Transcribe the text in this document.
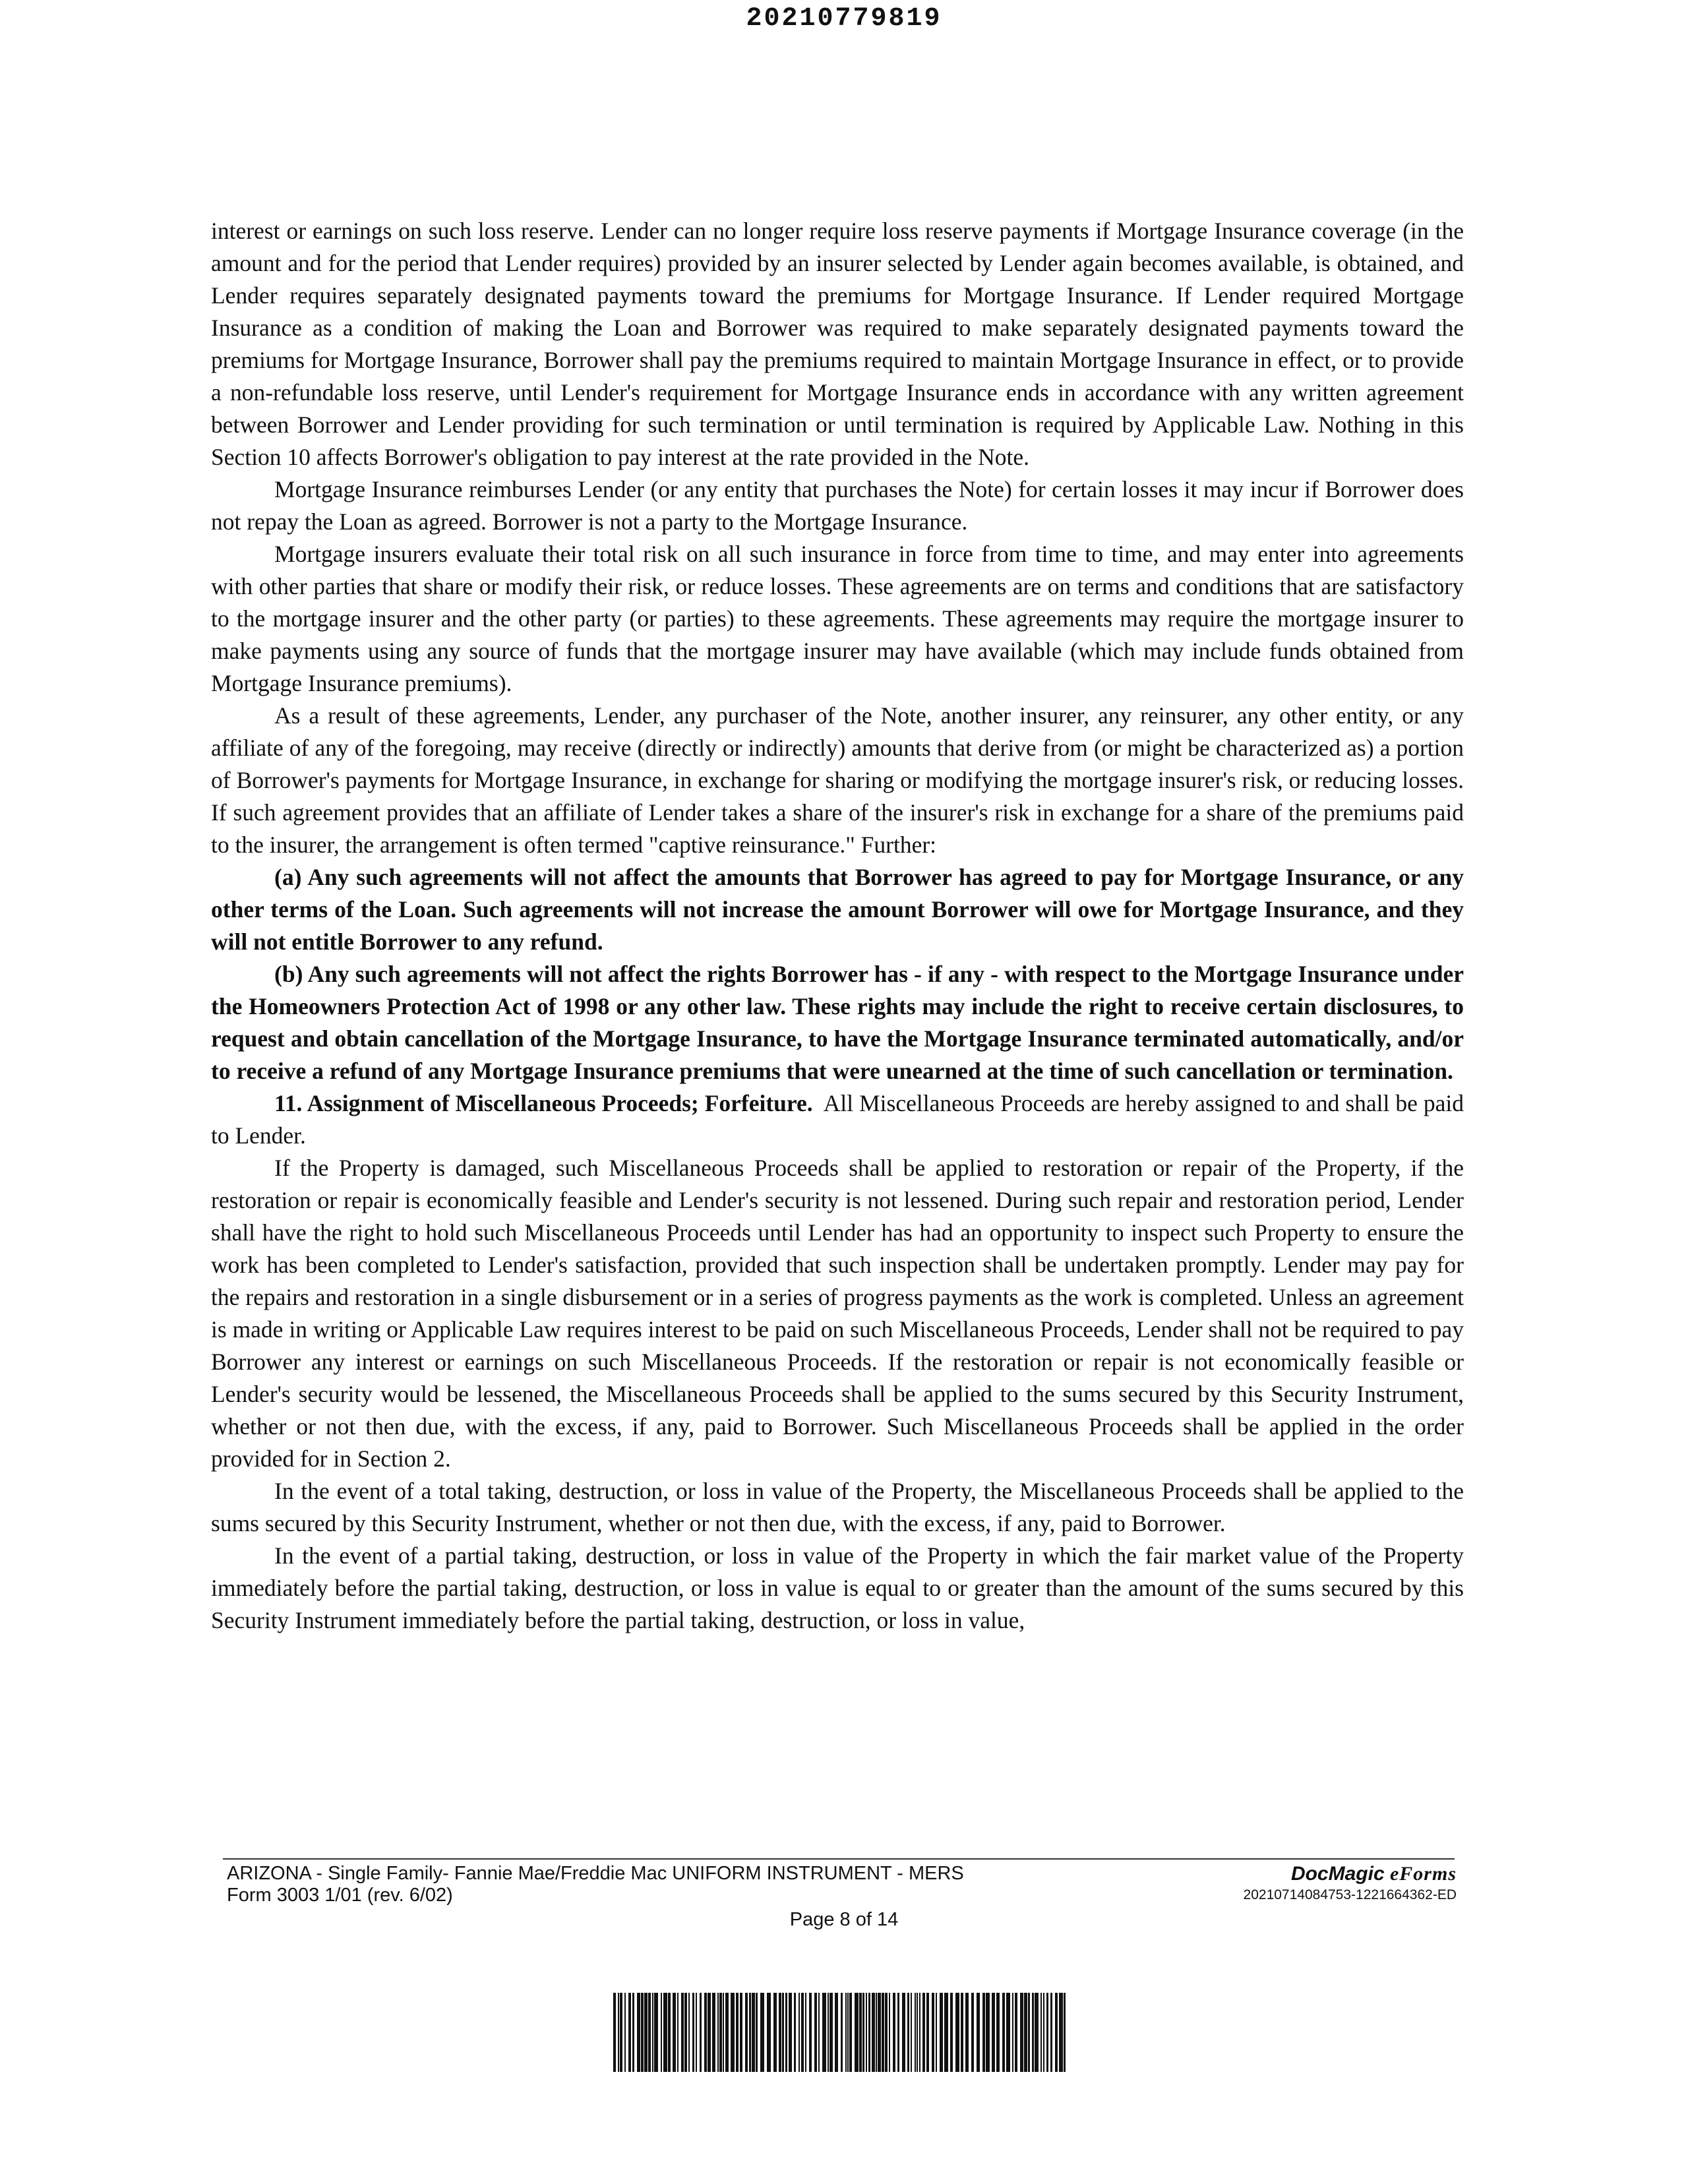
20210779819

interest or earnings on such loss reserve. Lender can no longer require loss reserve payments if Mortgage Insurance coverage (in the amount and for the period that Lender requires) provided by an insurer selected by Lender again becomes available, is obtained, and Lender requires separately designated payments toward the premiums for Mortgage Insurance. If Lender required Mortgage Insurance as a condition of making the Loan and Borrower was required to make separately designated payments toward the premiums for Mortgage Insurance, Borrower shall pay the premiums required to maintain Mortgage Insurance in effect, or to provide a non-refundable loss reserve, until Lender's requirement for Mortgage Insurance ends in accordance with any written agreement between Borrower and Lender providing for such termination or until termination is required by Applicable Law. Nothing in this Section 10 affects Borrower's obligation to pay interest at the rate provided in the Note.

Mortgage Insurance reimburses Lender (or any entity that purchases the Note) for certain losses it may incur if Borrower does not repay the Loan as agreed. Borrower is not a party to the Mortgage Insurance.

Mortgage insurers evaluate their total risk on all such insurance in force from time to time, and may enter into agreements with other parties that share or modify their risk, or reduce losses. These agreements are on terms and conditions that are satisfactory to the mortgage insurer and the other party (or parties) to these agreements. These agreements may require the mortgage insurer to make payments using any source of funds that the mortgage insurer may have available (which may include funds obtained from Mortgage Insurance premiums).

As a result of these agreements, Lender, any purchaser of the Note, another insurer, any reinsurer, any other entity, or any affiliate of any of the foregoing, may receive (directly or indirectly) amounts that derive from (or might be characterized as) a portion of Borrower's payments for Mortgage Insurance, in exchange for sharing or modifying the mortgage insurer's risk, or reducing losses. If such agreement provides that an affiliate of Lender takes a share of the insurer's risk in exchange for a share of the premiums paid to the insurer, the arrangement is often termed "captive reinsurance." Further:

(a) Any such agreements will not affect the amounts that Borrower has agreed to pay for Mortgage Insurance, or any other terms of the Loan. Such agreements will not increase the amount Borrower will owe for Mortgage Insurance, and they will not entitle Borrower to any refund.

(b) Any such agreements will not affect the rights Borrower has - if any - with respect to the Mortgage Insurance under the Homeowners Protection Act of 1998 or any other law. These rights may include the right to receive certain disclosures, to request and obtain cancellation of the Mortgage Insurance, to have the Mortgage Insurance terminated automatically, and/or to receive a refund of any Mortgage Insurance premiums that were unearned at the time of such cancellation or termination.

11. Assignment of Miscellaneous Proceeds; Forfeiture. All Miscellaneous Proceeds are hereby assigned to and shall be paid to Lender.

If the Property is damaged, such Miscellaneous Proceeds shall be applied to restoration or repair of the Property, if the restoration or repair is economically feasible and Lender's security is not lessened. During such repair and restoration period, Lender shall have the right to hold such Miscellaneous Proceeds until Lender has had an opportunity to inspect such Property to ensure the work has been completed to Lender's satisfaction, provided that such inspection shall be undertaken promptly. Lender may pay for the repairs and restoration in a single disbursement or in a series of progress payments as the work is completed. Unless an agreement is made in writing or Applicable Law requires interest to be paid on such Miscellaneous Proceeds, Lender shall not be required to pay Borrower any interest or earnings on such Miscellaneous Proceeds. If the restoration or repair is not economically feasible or Lender's security would be lessened, the Miscellaneous Proceeds shall be applied to the sums secured by this Security Instrument, whether or not then due, with the excess, if any, paid to Borrower. Such Miscellaneous Proceeds shall be applied in the order provided for in Section 2.

In the event of a total taking, destruction, or loss in value of the Property, the Miscellaneous Proceeds shall be applied to the sums secured by this Security Instrument, whether or not then due, with the excess, if any, paid to Borrower.

In the event of a partial taking, destruction, or loss in value of the Property in which the fair market value of the Property immediately before the partial taking, destruction, or loss in value is equal to or greater than the amount of the sums secured by this Security Instrument immediately before the partial taking, destruction, or loss in value,

ARIZONA - Single Family- Fannie Mae/Freddie Mac UNIFORM INSTRUMENT - MERS
Form 3003 1/01 (rev. 6/02)
Page 8 of 14
DocMagic eForms
20210714084753-1221664362-ED
